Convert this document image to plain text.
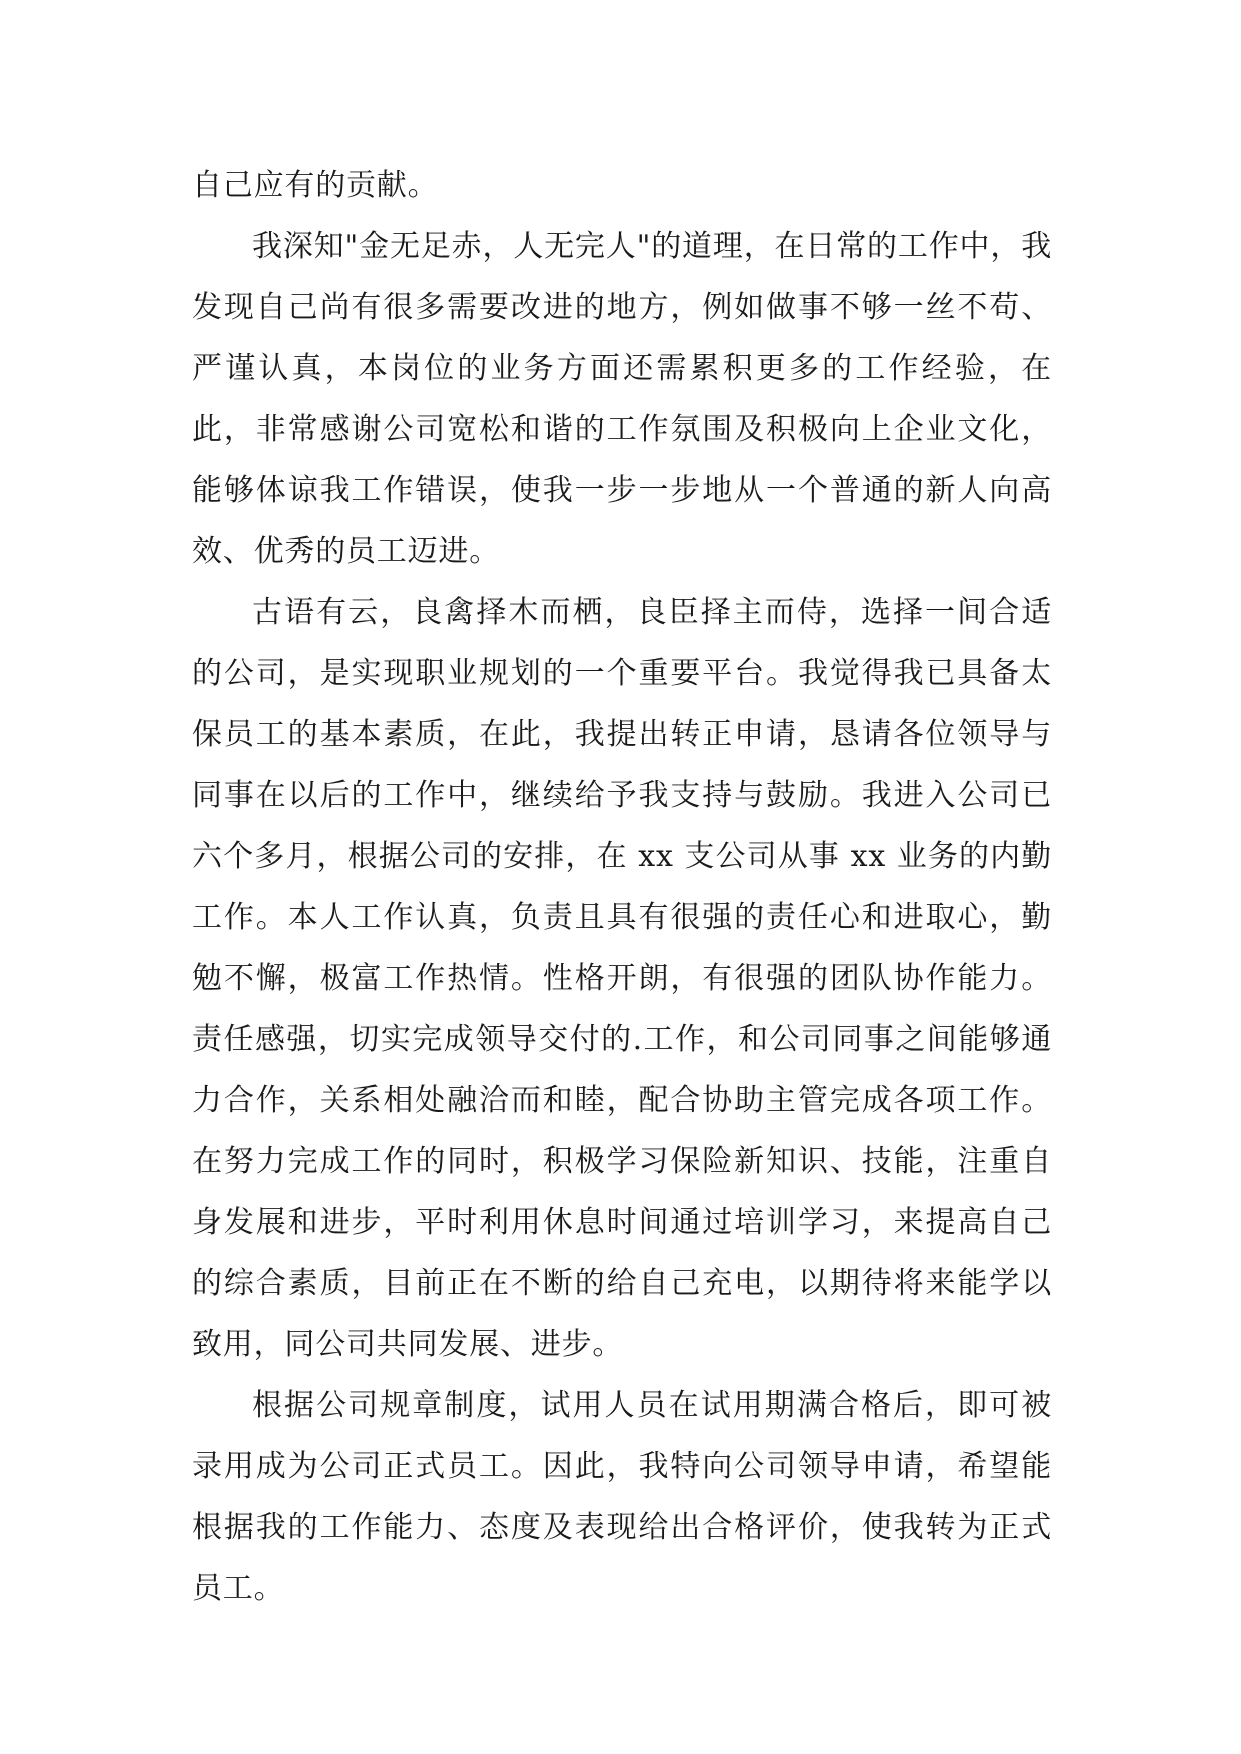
自己应有的贡献。

我深知"金无足赤，人无完人"的道理，在日常的工作中，我发现自己尚有很多需要改进的地方，例如做事不够一丝不苟、严谨认真，本岗位的业务方面还需累积更多的工作经验，在此，非常感谢公司宽松和谐的工作氛围及积极向上企业文化，能够体谅我工作错误，使我一步一步地从一个普通的新人向高效、优秀的员工迈进。

古语有云，良禽择木而栖，良臣择主而侍，选择一间合适的公司，是实现职业规划的一个重要平台。我觉得我已具备太保员工的基本素质，在此，我提出转正申请，恳请各位领导与同事在以后的工作中，继续给予我支持与鼓励。我进入公司已六个多月，根据公司的安排，在 xx 支公司从事 xx 业务的内勤工作。本人工作认真，负责且具有很强的责任心和进取心，勤勉不懈，极富工作热情。性格开朗，有很强的团队协作能力。责任感强，切实完成领导交付的.工作，和公司同事之间能够通力合作，关系相处融洽而和睦，配合协助主管完成各项工作。在努力完成工作的同时，积极学习保险新知识、技能，注重自身发展和进步，平时利用休息时间通过培训学习，来提高自己的综合素质，目前正在不断的给自己充电，以期待将来能学以致用，同公司共同发展、进步。

根据公司规章制度，试用人员在试用期满合格后，即可被录用成为公司正式员工。因此，我特向公司领导申请，希望能根据我的工作能力、态度及表现给出合格评价，使我转为正式员工。
